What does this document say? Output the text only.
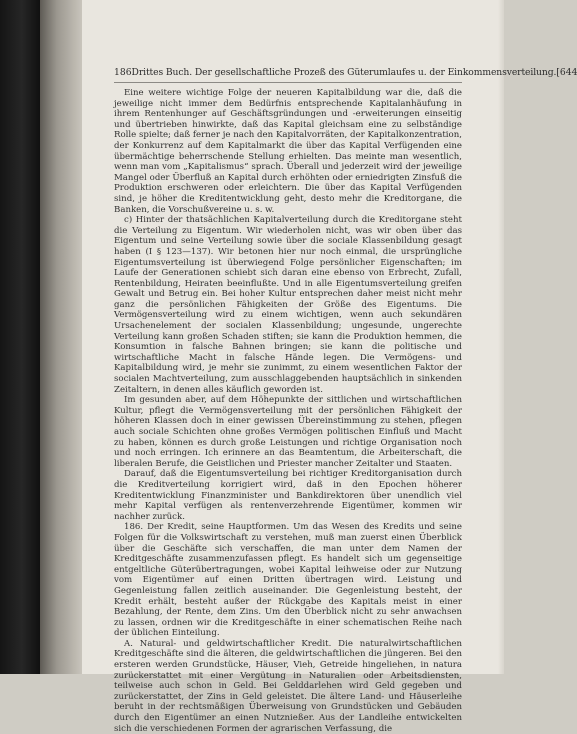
186 Drittes Buch. Der gesellschaftliche Prozeß des Güterumlaufes u. der Einkommensverteilung. [644

Eine weitere wichtige Folge der neueren Kapitalbildung war die, daß die jeweilige nicht immer dem Bedürfnis entsprechende Kapitalanhäufung in ihrem Rentenhunger auf Geschäftsgründungen und -erweiterungen einseitig und übertrieben hinwirkte, daß das Kapital gleichsam eine zu selbständige Rolle spielte; daß ferner je nach den Kapitalvorräten, der Kapitalkonzentration, der Konkurrenz auf dem Kapitalmarkt die über das Kapital Verfügenden eine übermächtige beherrschende Stellung erhielten. Das meinte man wesentlich, wenn man vom „Kapitalismus“ sprach. Überall und jederzeit wird der jeweilige Mangel oder Überfluß an Kapital durch erhöhten oder erniedrigten Zinsfuß die Produktion erschweren oder erleichtern. Die über das Kapital Verfügenden sind, je höher die Kreditentwicklung geht, desto mehr die Kreditorgane, die Banken, die Vorschußvereine u. s. w.

c) Hinter der thatsächlichen Kapitalverteilung durch die Kreditorgane steht die Verteilung zu Eigentum. Wir wiederholen nicht, was wir oben über das Eigentum und seine Verteilung sowie über die sociale Klassenbildung gesagt haben (I § 123—137). Wir betonen hier nur noch einmal, die ursprüngliche Eigentumsverteilung ist überwiegend Folge persönlicher Eigenschaften; im Laufe der Generationen schiebt sich daran eine ebenso von Erbrecht, Zufall, Rentenbildung, Heiraten beeinflußte. Und in alle Eigentumsverteilung greifen Gewalt und Betrug ein. Bei hoher Kultur entsprechen daher meist nicht mehr ganz die persönlichen Fähigkeiten der Größe des Eigentums. Die Vermögensverteilung wird zu einem wichtigen, wenn auch sekundären Ursachenelement der socialen Klassenbildung; ungesunde, ungerechte Verteilung kann großen Schaden stiften; sie kann die Produktion hemmen, die Konsumtion in falsche Bahnen bringen; sie kann die politische und wirtschaftliche Macht in falsche Hände legen. Die Vermögens- und Kapitalbildung wird, je mehr sie zunimmt, zu einem wesentlichen Faktor der socialen Machtverteilung, zum ausschlaggebenden hauptsächlich in sinkenden Zeitaltern, in denen alles käuflich geworden ist.

Im gesunden aber, auf dem Höhepunkte der sittlichen und wirtschaftlichen Kultur, pflegt die Vermögensverteilung mit der persönlichen Fähigkeit der höheren Klassen doch in einer gewissen Übereinstimmung zu stehen, pflegen auch sociale Schichten ohne großes Vermögen politischen Einfluß und Macht zu haben, können es durch große Leistungen und richtige Organisation noch und noch erringen. Ich erinnere an das Beamtentum, die Arbeiterschaft, die liberalen Berufe, die Geistlichen und Priester mancher Zeitalter und Staaten.

Darauf, daß die Eigentumsverteilung bei richtiger Kreditorganisation durch die Kreditverteilung korrigiert wird, daß in den Epochen höherer Kreditentwicklung Finanzminister und Bankdirektoren über unendlich viel mehr Kapital verfügen als rentenverzehrende Eigentümer, kommen wir nachher zurück.

186. Der Kredit, seine Hauptformen. Um das Wesen des Kredits und seine Folgen für die Volkswirtschaft zu verstehen, muß man zuerst einen Überblick über die Geschäfte sich verschaffen, die man unter dem Namen der Kreditgeschäfte zusammenzufassen pflegt. Es handelt sich um gegenseitige entgeltliche Güterübertragungen, wobei Kapital leihweise oder zur Nutzung vom Eigentümer auf einen Dritten übertragen wird. Leistung und Gegenleistung fallen zeitlich auseinander. Die Gegenleistung besteht, der Kredit erhält, besteht außer der Rückgabe des Kapitals meist in einer Bezahlung, der Rente, dem Zins. Um den Überblick nicht zu sehr anwachsen zu lassen, ordnen wir die Kreditgeschäfte in einer schematischen Reihe nach der üblichen Einteilung.

A. Natural- und geldwirtschaftlicher Kredit. Die naturalwirtschaftlichen Kreditgeschäfte sind die älteren, die geldwirtschaftlichen die jüngeren. Bei den ersteren werden Grundstücke, Häuser, Vieh, Getreide hingeliehen, in natura zurückerstattet mit einer Vergütung in Naturalien oder Arbeitsdiensten, teilweise auch schon in Geld. Bei Gelddarlehen wird Geld gegeben und zurückerstattet, der Zins in Geld geleistet. Die ältere Land- und Häuserleihe beruht in der rechtsmäßigen Überweisung von Grundstücken und Gebäuden durch den Eigentümer an einen Nutznießer. Aus der Landleihe entwickelten sich die verschiedenen Formen der agrarischen Verfassung, die
